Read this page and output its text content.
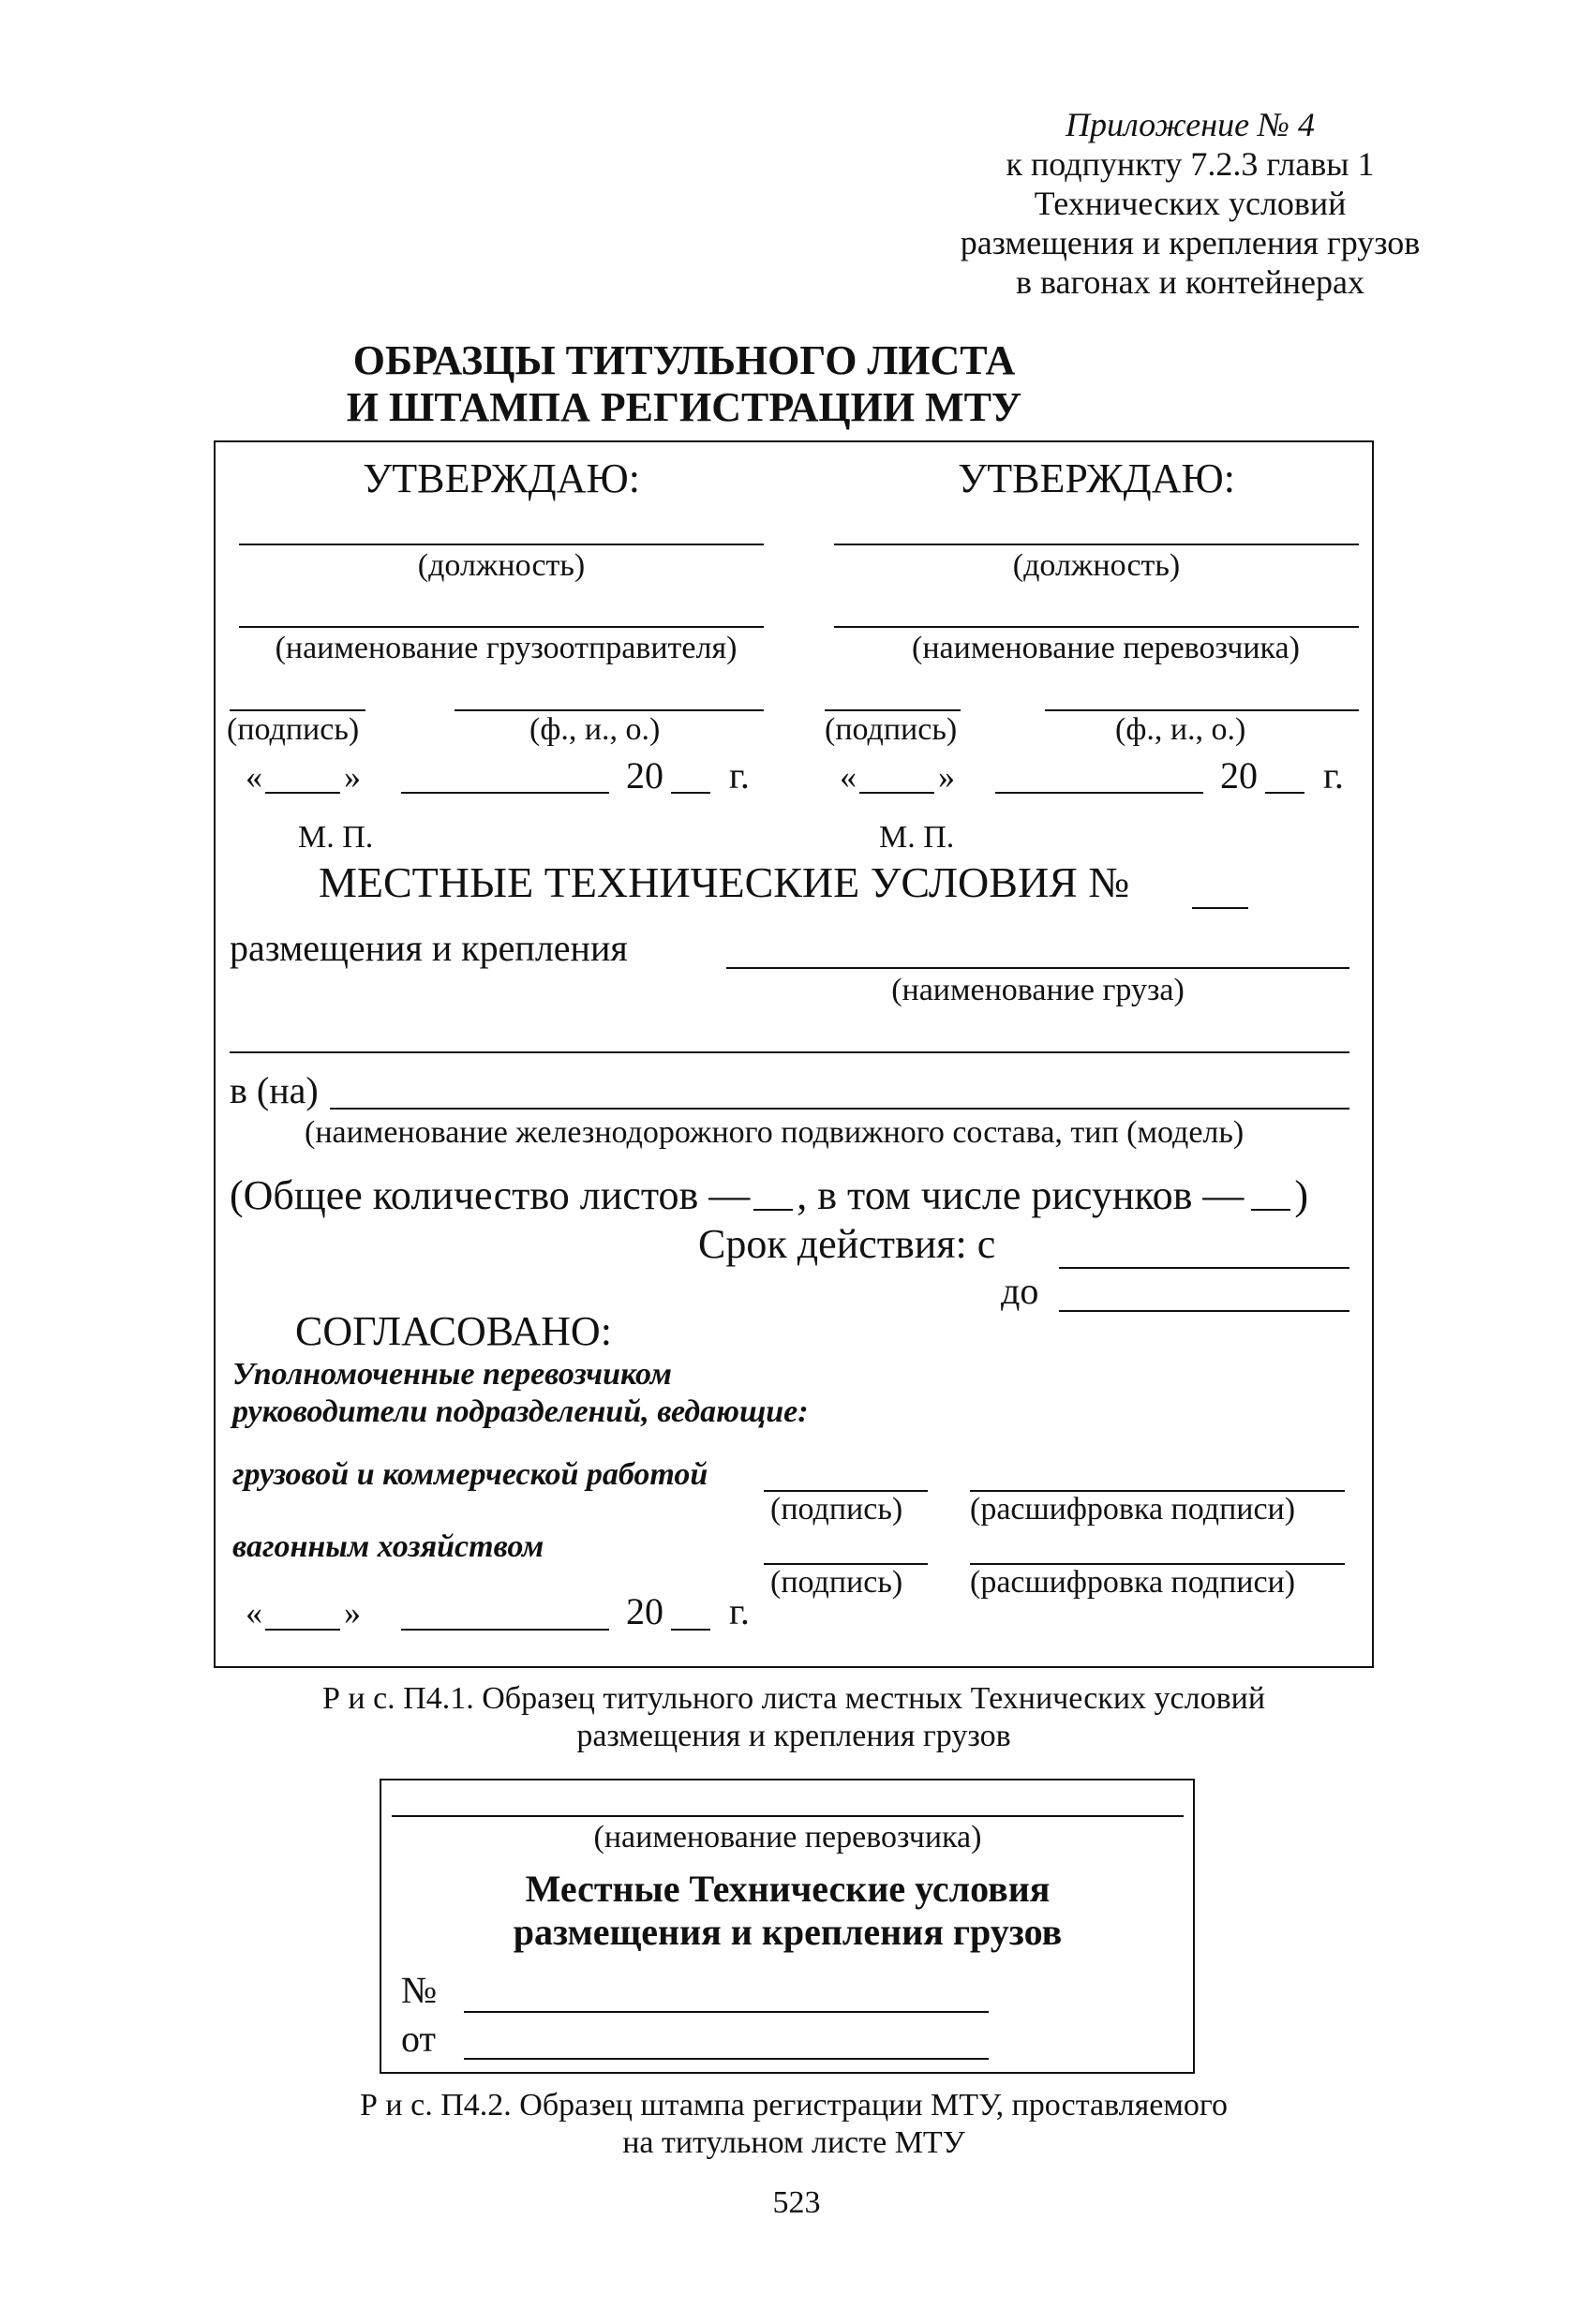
Приложение № 4
к подпункту 7.2.3 главы 1
Технических условий
размещения и крепления грузов
в вагонах и контейнерах
ОБРАЗЦЫ ТИТУЛЬНОГО ЛИСТА
И ШТАМПА РЕГИСТРАЦИИ МТУ
УТВЕРЖДАЮ:	УТВЕРЖДАЮ:
(должность)	(должность)
(наименование грузоотправителя)	(наименование перевозчика)
(подпись)	(ф., и., о.)	(подпись)	(ф., и., о.)
« »	20 г.	« »	20 г.
М. П.	М. П.
МЕСТНЫЕ ТЕХНИЧЕСКИЕ УСЛОВИЯ №
размещения и крепления
(наименование груза)
в (на)
(наименование железнодорожного подвижного состава, тип (модель)
(Общее количество листов — , в том числе рисунков — )
Срок действия: с
до
СОГЛАСОВАНО:
Уполномоченные перевозчиком
руководители подразделений, ведающие:
грузовой и коммерческой работой
(подпись) (расшифровка подписи)
вагонным хозяйством
(подпись) (расшифровка подписи)
« »	20 г.
Р и с. П4.1. Образец титульного листа местных Технических условий
размещения и крепления грузов
(наименование перевозчика)
Местные Технические условия
размещения и крепления грузов
№
от
Р и с. П4.2. Образец штампа регистрации МТУ, проставляемого
на титульном листе МТУ
523
